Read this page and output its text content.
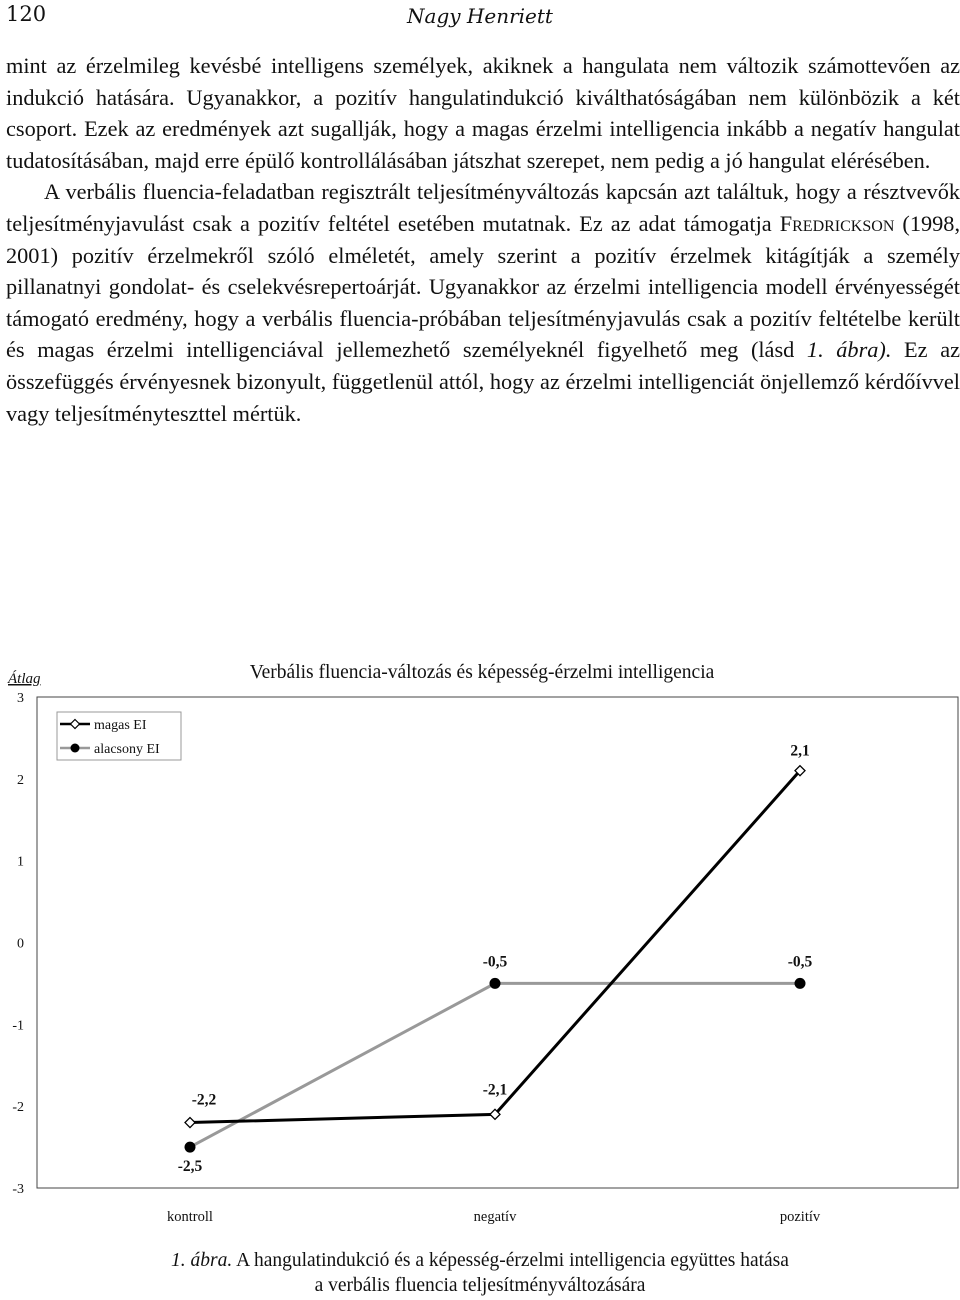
120	Nagy Henriett

mint az érzelmileg kevésbé intelligens személyek, akiknek a hangulata nem változik számottevően az indukció hatására. Ugyanakkor, a pozitív hangulatindukció kiválthatóságában nem különbözik a két csoport. Ezek az eredmények azt sugallják, hogy a magas érzelmi intelligencia inkább a negatív hangulat tudatosításában, majd erre épülő kontrollálásában játszhat szerepet, nem pedig a jó hangulat elérésében.

A verbális fluencia-feladatban regisztrált teljesítményváltozás kapcsán azt találtuk, hogy a résztvevők teljesítményjavulást csak a pozitív feltétel esetében mutatnak. Ez az adat támogatja Fredrickson (1998, 2001) pozitív érzelmekről szóló elméletét, amely szerint a pozitív érzelmek kitágítják a személy pillanatnyi gondolat- és cselekvésrepertoárját. Ugyanakkor az érzelmi intelligencia modell érvényességét támogató eredmény, hogy a verbális fluencia-próbában teljesítményjavulás csak a pozitív feltételbe került és magas érzelmi intelligenciával jellemezhető személyeknél figyelhető meg (lásd 1. ábra). Ez az összefüggés érvényesnek bizonyult, függetlenül attól, hogy az érzelmi intelligenciát önjellemző kérdőívvel vagy teljesítményteszttel mértük.

Átlag	Verbális fluencia-változás és képesség-érzelmi intelligencia
3
2
1
0
-1
-2
-3
kontroll	negatív	pozitív
-2,2
-2,1
2,1
-2,5
-0,5	-0,5
magas EI
alacsony EI
1. ábra. A hangulatindukció és a képesség-érzelmi intelligencia együttes hatása
a verbális fluencia teljesítményváltozására
